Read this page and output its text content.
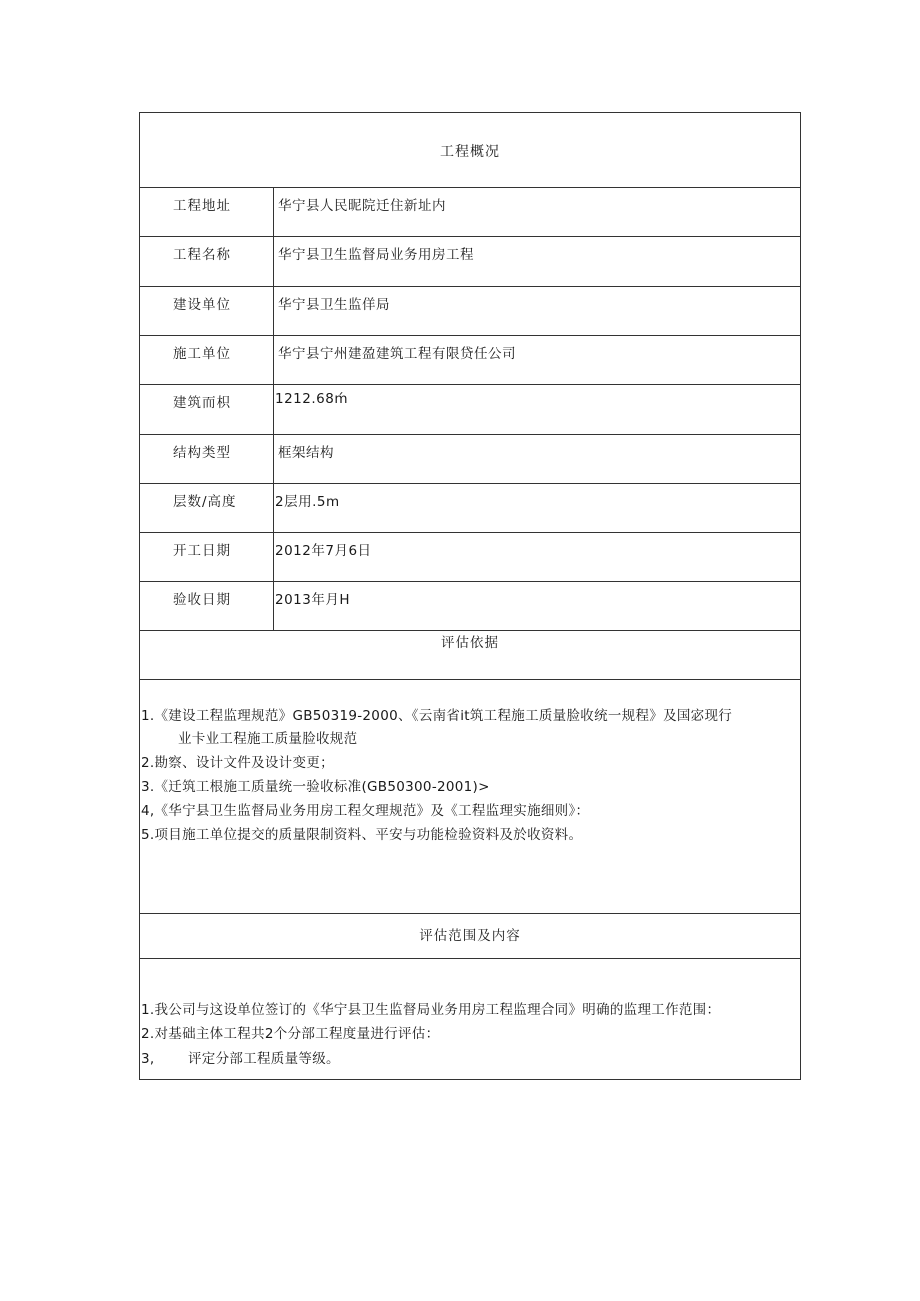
工程概况
工程地址	华宁县人民昵院迁住新址内
工程名称	华宁县卫生监督局业务用房工程
建设单位	华宁县卫生监佯局
施工单位	华宁县宁州建盈建筑工程有限贷任公司
建筑而枳	1212.68ḿ
结构类型	框架结构
层数/高度	2层用.5m
开工日期	2012年7月6日
验收日期	2013年月H
评估依据
1.《建设工程监理规范》GB50319-2000、《云南省it筑工程施工质量脸收统一规程》及国宓现行
业卡业工程施工质量脸收规范
2.勘察、设计文件及设计变更；
3.《迁筑工根施工质量统一验收标准(GB50300-2001)>
4,《华宁县卫生监督局业务用房工程攵理规范》及《工程监理实施细则》：
5.项目施工单位提交的质量限制资料、平安与功能检验资料及於收资料。
评估范围及内容
1.我公司与这设单位签订的《华宁县卫生监督局业务用房工程监理合同》明确的监理工作范围：
2.对基础主体工程共2个分部工程度量进行评估：
3, 评定分部工程质量等级。
